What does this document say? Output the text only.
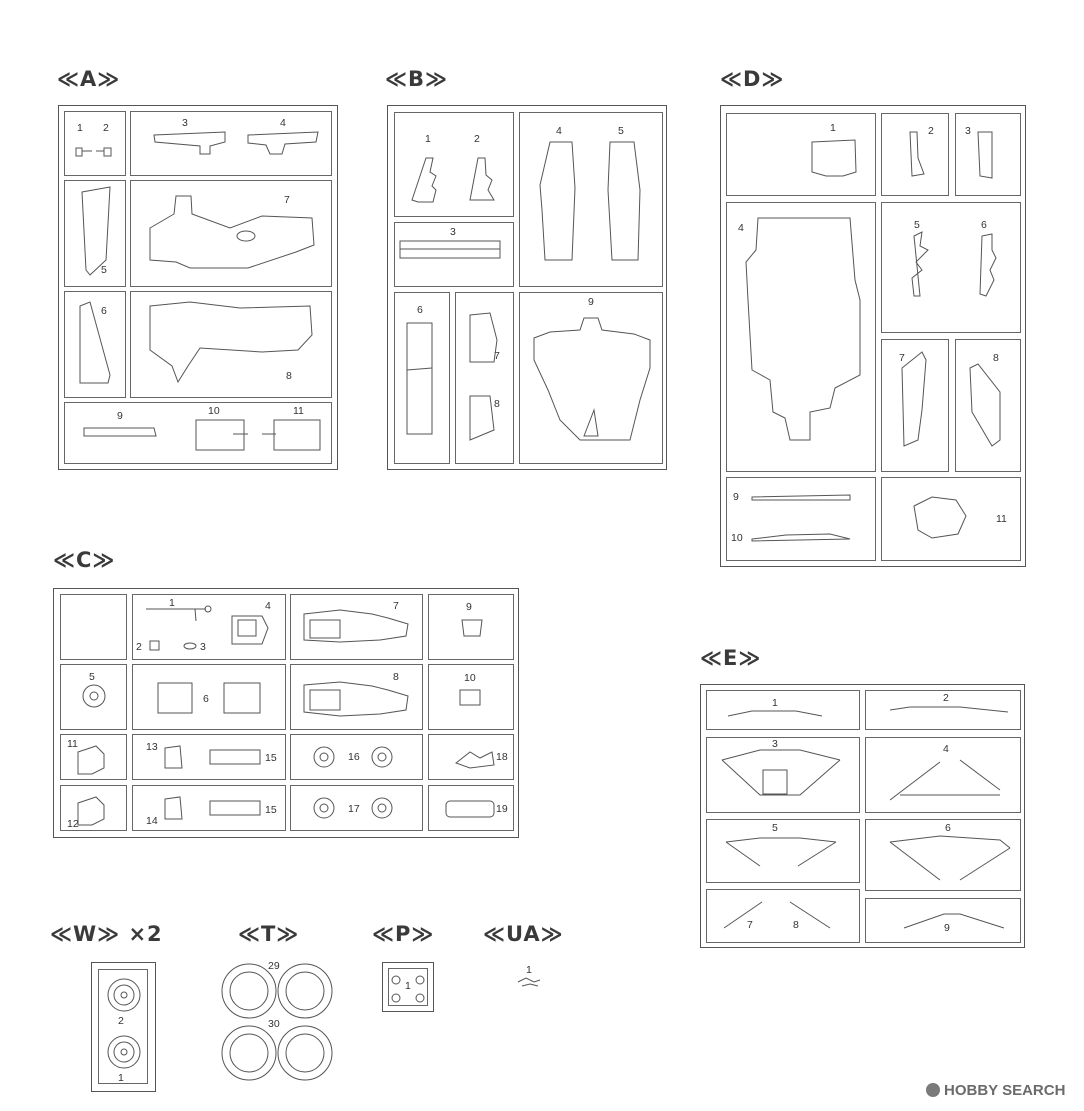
≪A≫	≪B≫	≪D≫
≪C≫
≪E≫
≪W≫ ×2	≪T≫	≪P≫ ≪UA≫
1 2	3	4
5
6
7
8
9	10	11
1	2
3
4	5
6
7
8
9
1	2	3
4	5	6
7	8
9
10
11
1
2	3
4
5
6
7
8
9
10
11
12
13
14
15
15
16
17
18
19
1	2
3	4
5	6
7	8	9
2
1
29
30
1
1
HOBBY SEARCH
